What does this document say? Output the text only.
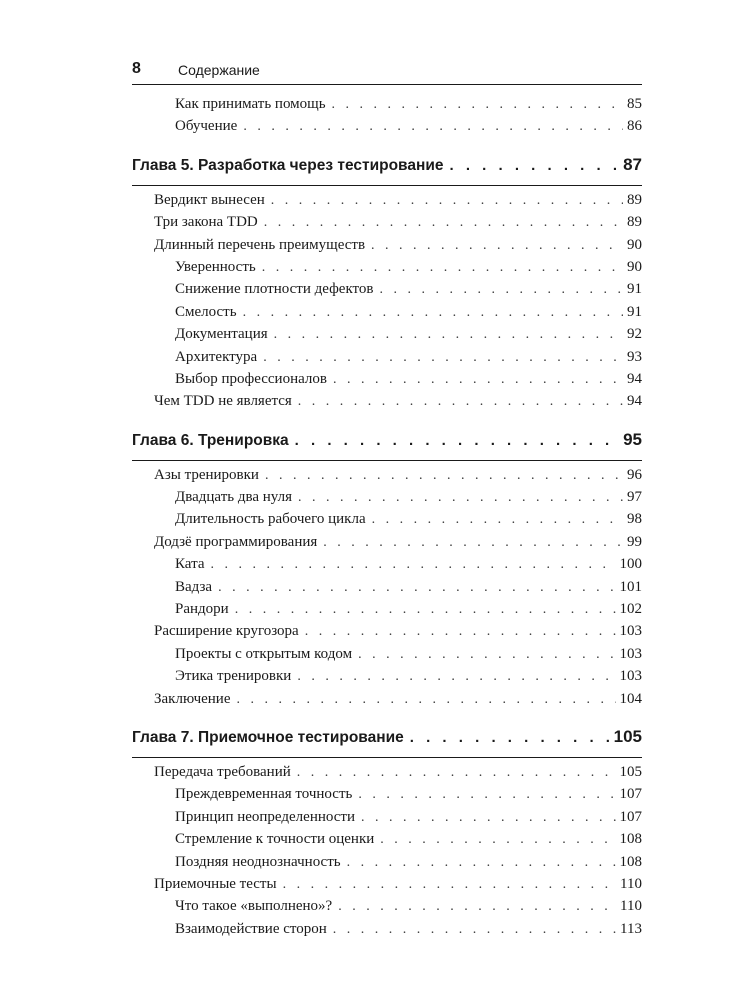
8	Содержание
Как принимать помощь . . .	85
Обучение . . .	86
Глава 5. Разработка через тестирование . . .	87
Вердикт вынесен . . .	89
Три закона TDD . . .	89
Длинный перечень преимуществ . . .	90
Уверенность . . .	90
Снижение плотности дефектов . . .	91
Смелость . . .	91
Документация . . .	92
Архитектура . . .	93
Выбор профессионалов . . .	94
Чем TDD не является . . .	94
Глава 6. Тренировка . . .	95
Азы тренировки . . .	96
Двадцать два нуля . . .	97
Длительность рабочего цикла . . .	98
Додзё программирования . . .	99
Ката . . .	100
Вадза . . .	101
Рандори . . .	102
Расширение кругозора . . .	103
Проекты с открытым кодом . . .	103
Этика тренировки . . .	103
Заключение . . .	104
Глава 7. Приемочное тестирование . . .	105
Передача требований . . .	105
Преждевременная точность . . .	107
Принцип неопределенности . . .	107
Стремление к точности оценки . . .	108
Поздняя неоднозначность . . .	108
Приемочные тесты . . .	110
Что такое «выполнено»? . . .	110
Взаимодействие сторон . . .	113
